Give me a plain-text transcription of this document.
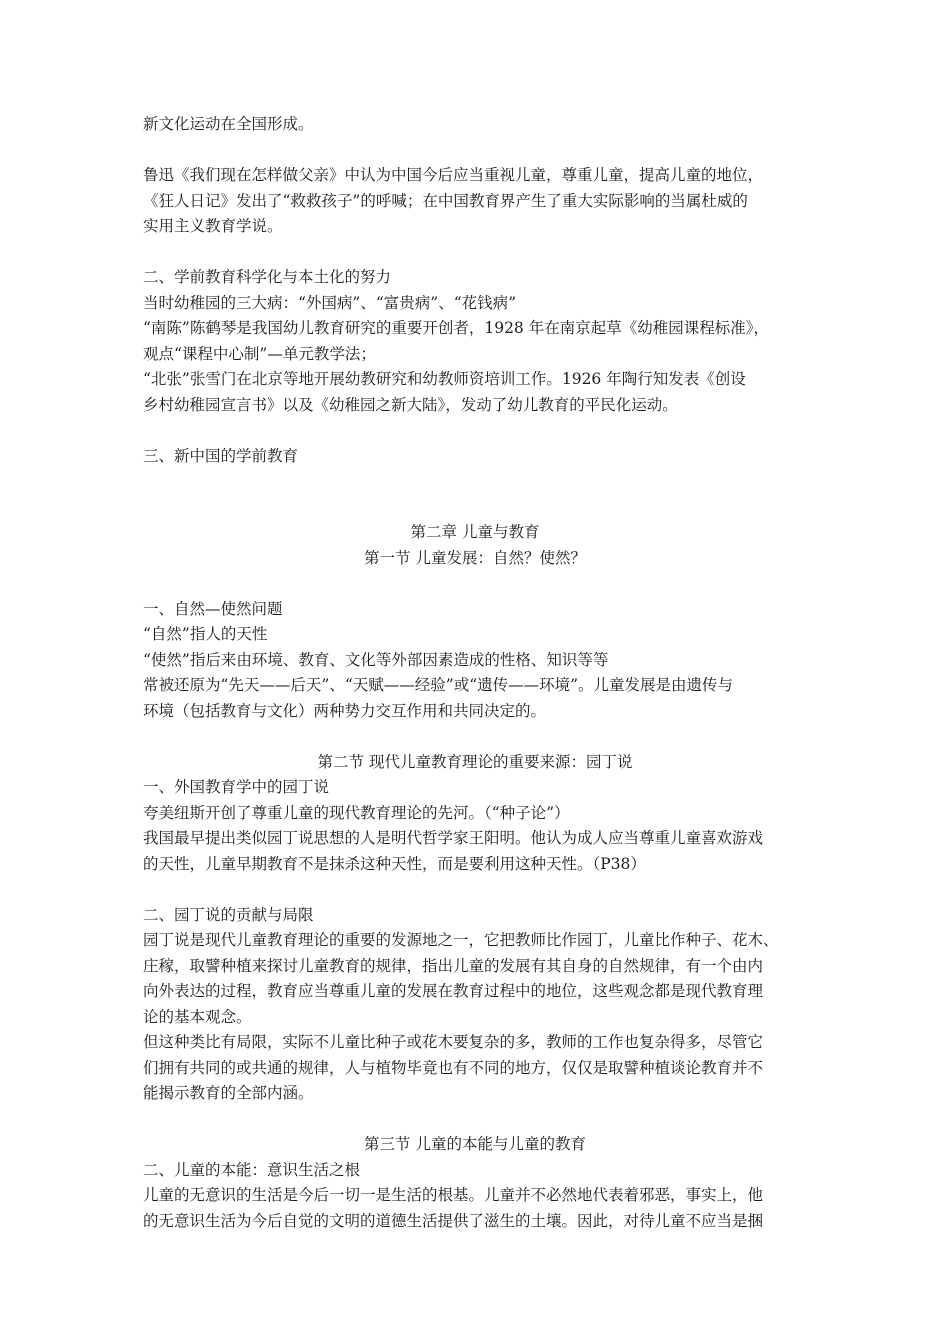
新文化运动在全国形成。
鲁迅《我们现在怎样做父亲》中认为中国今后应当重视儿童，尊重儿童，提高儿童的地位，
《狂人日记》发出了“救救孩子”的呼喊；在中国教育界产生了重大实际影响的当属杜威的
实用主义教育学说。
二、学前教育科学化与本土化的努力
当时幼稚园的三大病：“外国病”、“富贵病”、“花钱病”
“南陈”陈鹤琴是我国幼儿教育研究的重要开创者，1928 年在南京起草《幼稚园课程标准》，
观点“课程中心制”—单元教学法；
“北张”张雪门在北京等地开展幼教研究和幼教师资培训工作。1926 年陶行知发表《创设
乡村幼稚园宣言书》以及《幼稚园之新大陆》，发动了幼儿教育的平民化运动。
三、新中国的学前教育
第二章 儿童与教育
第一节 儿童发展：自然？使然？
一、自然—使然问题
“自然”指人的天性
“使然”指后来由环境、教育、文化等外部因素造成的性格、知识等等
常被还原为“先天——后天”、“天赋——经验”或“遗传——环境”。儿童发展是由遗传与
环境（包括教育与文化）两种势力交互作用和共同决定的。
第二节 现代儿童教育理论的重要来源：园丁说
一、外国教育学中的园丁说
夸美纽斯开创了尊重儿童的现代教育理论的先河。（“种子论”）
我国最早提出类似园丁说思想的人是明代哲学家王阳明。他认为成人应当尊重儿童喜欢游戏
的天性，儿童早期教育不是抹杀这种天性，而是要利用这种天性。（P38）
二、园丁说的贡献与局限
园丁说是现代儿童教育理论的重要的发源地之一，它把教师比作园丁，儿童比作种子、花木、
庄稼，取譬种植来探讨儿童教育的规律，指出儿童的发展有其自身的自然规律，有一个由内
向外表达的过程，教育应当尊重儿童的发展在教育过程中的地位，这些观念都是现代教育理
论的基本观念。
但这种类比有局限，实际不儿童比种子或花木要复杂的多，教师的工作也复杂得多，尽管它
们拥有共同的或共通的规律，人与植物毕竟也有不同的地方，仅仅是取譬种植谈论教育并不
能揭示教育的全部内涵。
第三节 儿童的本能与儿童的教育
二、儿童的本能：意识生活之根
儿童的无意识的生活是今后一切一是生活的根基。儿童并不必然地代表着邪恶，事实上，他
的无意识生活为今后自觉的文明的道德生活提供了滋生的土壤。因此，对待儿童不应当是捆
